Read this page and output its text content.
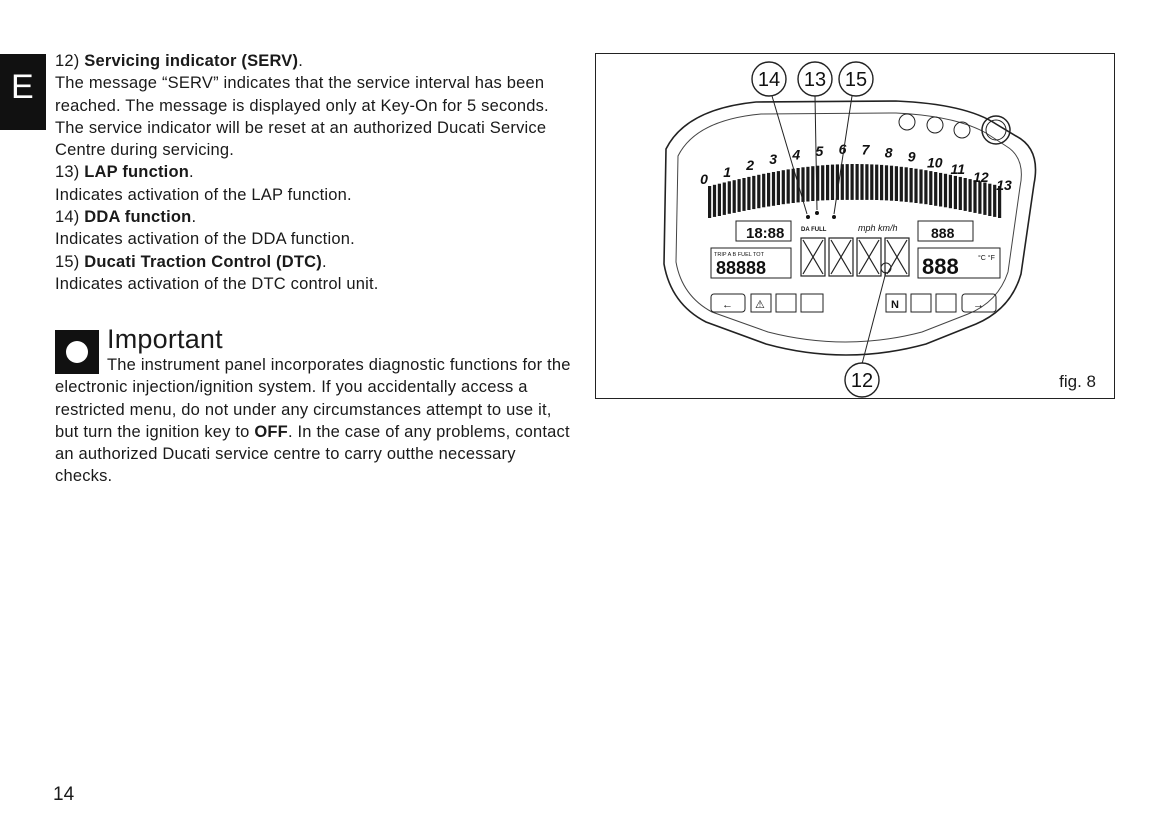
E

12) Servicing indicator (SERV).
The message “SERV” indicates that the service interval has been reached. The message is displayed only at Key-On for 5 seconds. The service indicator will be reset at an authorized Ducati Service Centre during servicing.

13) LAP function.
Indicates activation of the LAP function.

14) DDA function.
Indicates activation of the DDA function.

15) Ducati Traction Control (DTC).
Indicates activation of the DTC control unit.

Important

The instrument panel incorporates diagnostic functions for the electronic injection/ignition system. If you accidentally access a restricted menu, do not under any circumstances attempt to use it, but turn the ignition key to OFF. In the case of any problems, contact an authorized Ducati service centre to carry outthe necessary checks.

0 1 2 3 4 5 6 7 8 9 10 11 12
13
18:88
TRIP A B FUEL TOT
88888
mph km/h
DA FULL	888
888	°C °F
← ⚠	N	→
14 13 15
12	fig. 8
14
